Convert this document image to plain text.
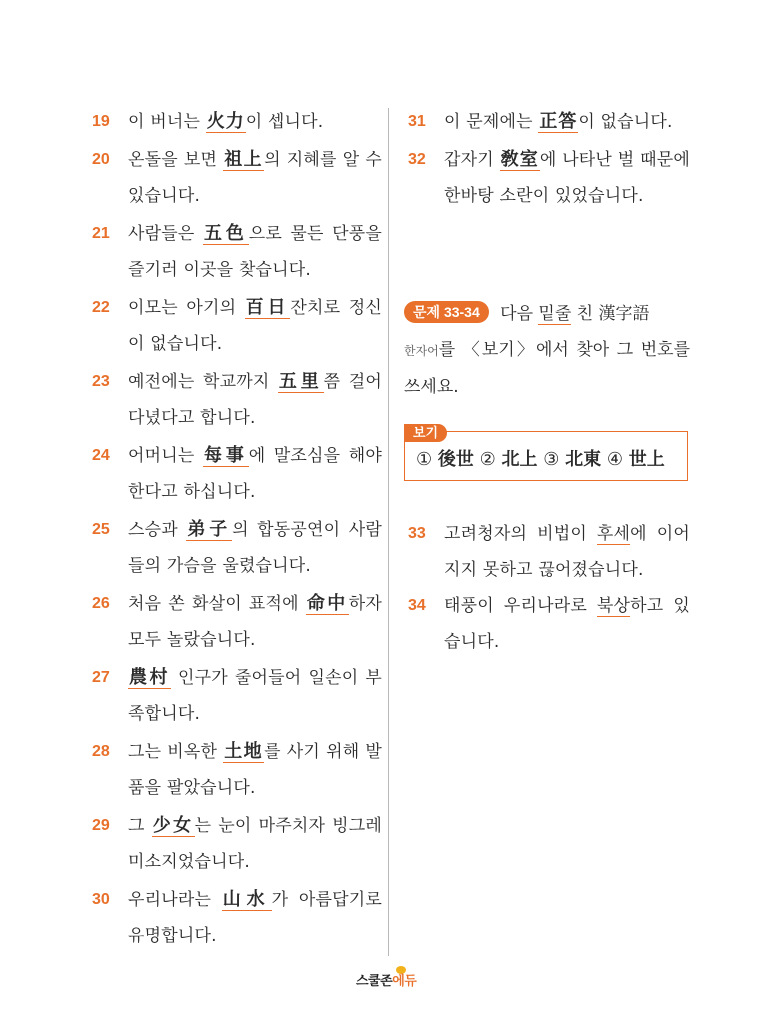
19	이 버너는 火力이 셉니다.
20	온돌을 보면 祖上의 지혜를 알 수 있습니다.
21	사람들은 五色으로 물든 단풍을 즐기러 이곳을 찾습니다.
22	이모는 아기의 百日잔치로 정신이 없습니다.
23	예전에는 학교까지 五里쯤 걸어 다녔다고 합니다.
24	어머니는 每事에 말조심을 해야 한다고 하십니다.
25	스승과 弟子의 합동공연이 사람들의 가슴을 울렸습니다.
26	처음 쏜 화살이 표적에 命中하자 모두 놀랐습니다.
27	農村 인구가 줄어들어 일손이 부족합니다.
28	그는 비옥한 土地를 사기 위해 발품을 팔았습니다.
29	그 少女는 눈이 마주치자 빙그레 미소지었습니다.
30	우리나라는 山水가 아름답기로 유명합니다.
31	이 문제에는 正答이 없습니다.
32	갑자기 敎室에 나타난 벌 때문에 한바탕 소란이 있었습니다.
문제 33-34 다음 밑줄 친 漢字語
한자어를 〈보기〉에서 찾아 그 번호를 쓰세요.
보기
① 後世 ② 北上 ③ 北東 ④ 世上
33	고려청자의 비법이 후세에 이어지지 못하고 끊어졌습니다.
34	태풍이 우리나라로 북상하고 있습니다.
스쿨존에듀
